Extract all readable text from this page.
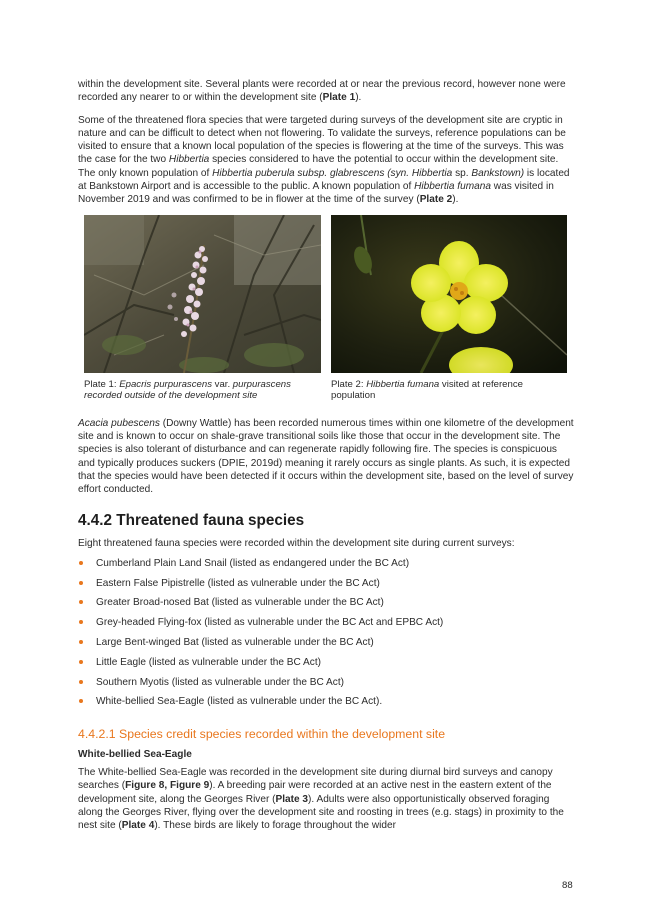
within the development site. Several plants were recorded at or near the previous record, however none were recorded any nearer to or within the development site (Plate 1).

Some of the threatened flora species that were targeted during surveys of the development site are cryptic in nature and can be difficult to detect when not flowering. To validate the surveys, reference populations can be visited to ensure that a known local population of the species is flowering at the time of the surveys. This was the case for the two Hibbertia species considered to have the potential to occur within the development site. The only known population of Hibbertia puberula subsp. glabrescens (syn. Hibbertia sp. Bankstown) is located at Bankstown Airport and is accessible to the public. A known population of Hibbertia fumana was visited in November 2019 and was confirmed to be in flower at the time of the survey (Plate 2).

Plate 1: Epacris purpurascens var. purpurascens recorded outside of the development site
Plate 2: Hibbertia fumana visited at reference population

Acacia pubescens (Downy Wattle) has been recorded numerous times within one kilometre of the development site and is known to occur on shale-grave transitional soils like those that occur in the development site. The species is also tolerant of disturbance and can regenerate rapidly following fire. The species is conspicuous and typically produces suckers (DPIE, 2019d) meaning it rarely occurs as single plants. As such, it is expected that the species would have been detected if it occurs within the development site, based on the level of survey effort conducted.

4.4.2 Threatened fauna species

Eight threatened fauna species were recorded within the development site during current surveys:

Cumberland Plain Land Snail (listed as endangered under the BC Act)
Eastern False Pipistrelle (listed as vulnerable under the BC Act)
Greater Broad-nosed Bat (listed as vulnerable under the BC Act)
Grey-headed Flying-fox (listed as vulnerable under the BC Act and EPBC Act)
Large Bent-winged Bat (listed as vulnerable under the BC Act)
Little Eagle (listed as vulnerable under the BC Act)
Southern Myotis (listed as vulnerable under the BC Act)
White-bellied Sea-Eagle (listed as vulnerable under the BC Act).
4.4.2.1 Species credit species recorded within the development site
White-bellied Sea-Eagle

The White-bellied Sea-Eagle was recorded in the development site during diurnal bird surveys and canopy searches (Figure 8, Figure 9). A breeding pair were recorded at an active nest in the eastern extent of the development site, along the Georges River (Plate 3). Adults were also opportunistically observed foraging along the Georges River, flying over the development site and roosting in trees (e.g. stags) in proximity to the nest site (Plate 4). These birds are likely to forage throughout the wider

88
